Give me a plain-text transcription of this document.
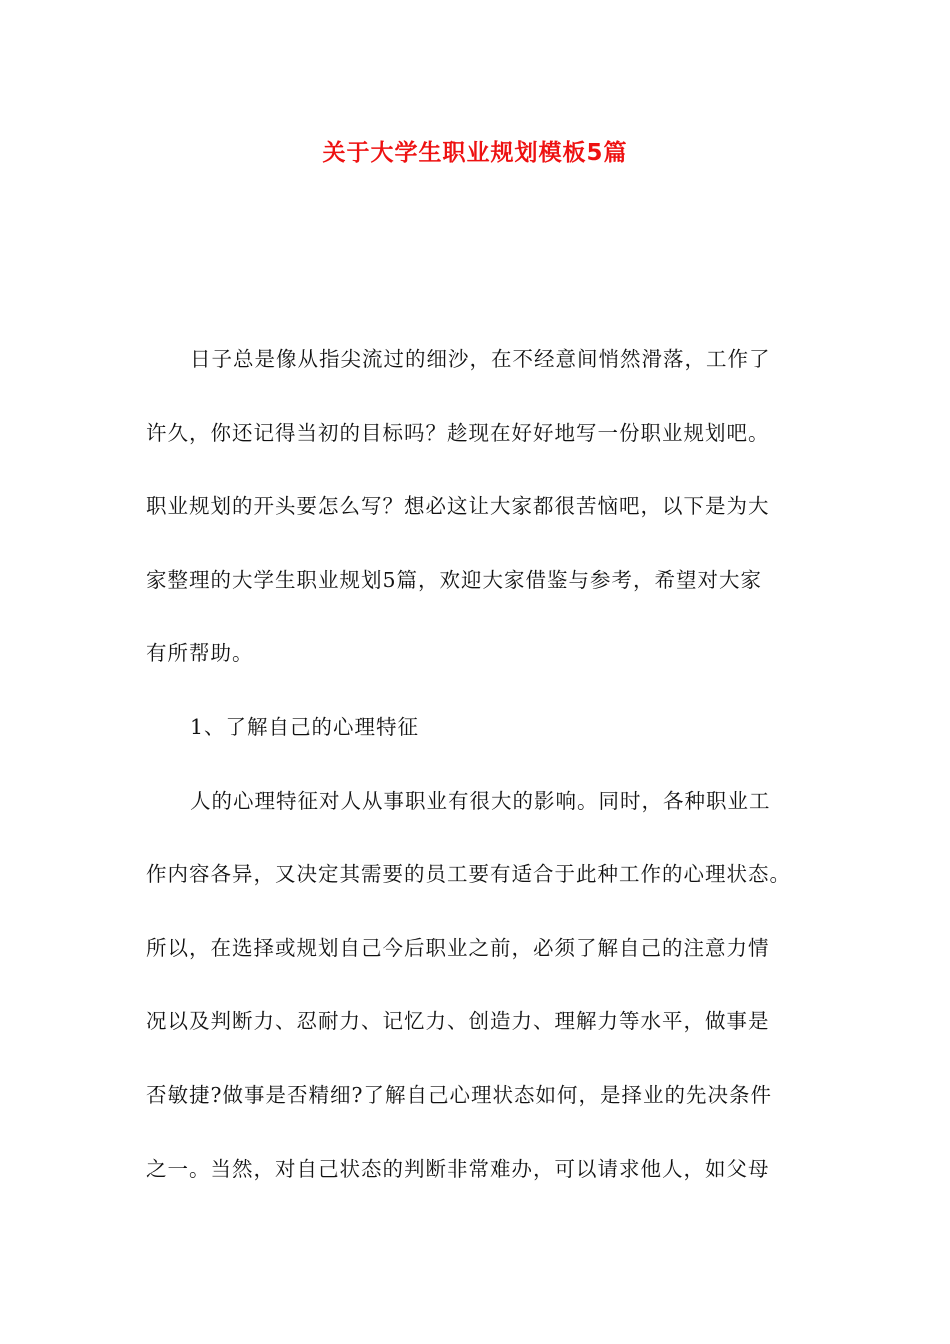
关于大学生职业规划模板5篇
日子总是像从指尖流过的细沙，在不经意间悄然滑落，工作了
许久，你还记得当初的目标吗？趁现在好好地写一份职业规划吧。
职业规划的开头要怎么写？想必这让大家都很苦恼吧，以下是为大
家整理的大学生职业规划5篇，欢迎大家借鉴与参考，希望对大家
有所帮助。
1、了解自己的心理特征
人的心理特征对人从事职业有很大的影响。同时，各种职业工
作内容各异，又决定其需要的员工要有适合于此种工作的心理状态。
所以，在选择或规划自己今后职业之前，必须了解自己的注意力情
况以及判断力、忍耐力、记忆力、创造力、理解力等水平，做事是
否敏捷?做事是否精细?了解自己心理状态如何，是择业的先决条件
之一。当然，对自己状态的判断非常难办，可以请求他人，如父母
